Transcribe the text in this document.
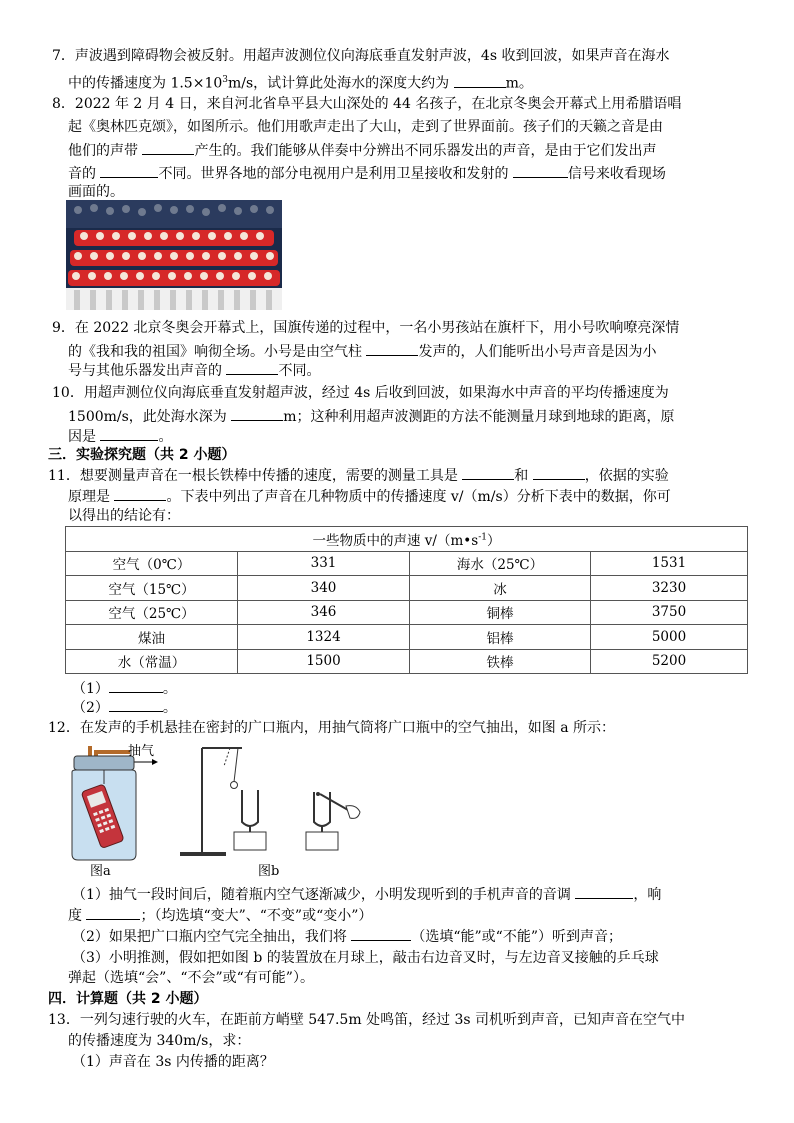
7．声波遇到障碍物会被反射。用超声波测位仪向海底垂直发射声波，4s 收到回波，如果声音在海水
中的传播速度为 $1.5\times 10^3m/s$，试计算此处海水的深度大约为	m。
8．2022 年 2 月 4 日，来自河北省阜平县大山深处的 44 名孩子，在北京冬奥会开幕式上用希腊语唱
起《奥林匹克颂》，如图所示。他们用歌声走出了大山，走到了世界面前。孩子们的天籁之音是由
他们的声带	产生的。我们能够从伴奏中分辨出不同乐器发出的声音，是由于它们发出声
音的	不同。世界各地的部分电视用户是利用卫星接收和发射的	信号来收看现场
画面的。
9．在 2022 北京冬奥会开幕式上，国旗传递的过程中，一名小男孩站在旗杆下，用小号吹响嘹亮深情
的《我和我的祖国》响彻全场。小号是由空气柱	发声的，人们能听出小号声音是因为小
号与其他乐器发出声音的	不同。
10．用超声测位仪向海底垂直发射超声波，经过 4s 后收到回波，如果海水中声音的平均传播速度为
1500m/s，此处海水深为	m；这种利用超声波测距的方法不能测量月球到地球的距离，原
因是	。
三．实验探究题（共 2 小题）
11．想要测量声音在一根长铁棒中传播的速度，需要的测量工具是	和	，依据的实验
原理是	。下表中列出了声音在几种物质中的传播速度 v/（m/s）分析下表中的数据，你可
以得出的结论有：
一些物质中的声速 $v/(m•s^{-1})$			
空气（0℃）	331	海水（25℃）	1531
空气（15℃）	340	冰	3230
空气（25℃）	346	铜棒	3750
煤油	1324	铝棒	5000
水（常温）	1500	铁棒	5200
（1）	。
（2）	。
12．在发声的手机悬挂在密封的广口瓶内，用抽气筒将广口瓶中的空气抽出，如图 a 所示：
抽气
图a	图b
（1）抽气一段时间后，随着瓶内空气逐渐减少，小明发现听到的手机声音的音调	，响
度	；（均选填“变大”、“不变”或“变小”）
（2）如果把广口瓶内空气完全抽出，我们将	（选填“能”或“不能”）听到声音；
（3）小明推测，假如把如图 b 的装置放在月球上，敲击右边音叉时，与左边音叉接触的乒乓球
弹起（选填“会”、“不会”或“有可能”）。
四．计算题（共 2 小题）
13．一列匀速行驶的火车，在距前方峭壁 547.5m 处鸣笛，经过 3s 司机听到声音，已知声音在空气中
的传播速度为 340m/s，求：
（1）声音在 3s 内传播的距离？
